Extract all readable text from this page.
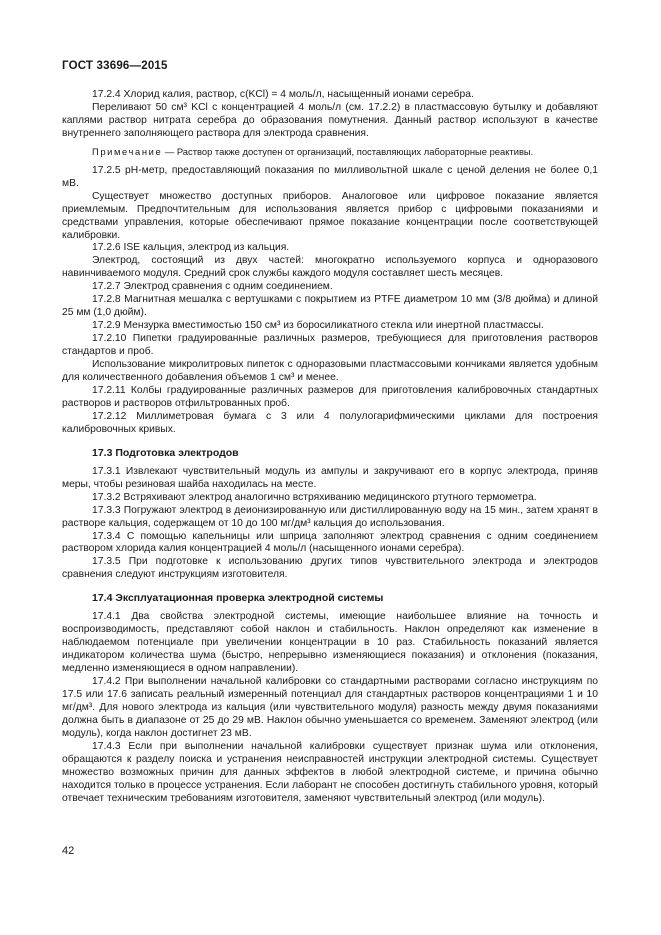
ГОСТ 33696—2015

17.2.4 Хлорид калия, раствор, c(KCl) = 4 моль/л, насыщенный ионами серебра.

Переливают 50 см³ KCl с концентрацией 4 моль/л (см. 17.2.2) в пластмассовую бутылку и добавляют каплями раствор нитрата серебра до образования помутнения. Данный раствор используют в качестве внутреннего заполняющего раствора для электрода сравнения.

Примечание — Раствор также доступен от организаций, поставляющих лабораторные реактивы.

17.2.5 pH-метр, предоставляющий показания по милливольтной шкале с ценой деления не более 0,1 мВ.

Существует множество доступных приборов. Аналоговое или цифровое показание является приемлемым. Предпочтительным для использования является прибор с цифровыми показаниями и средствами управления, которые обеспечивают прямое показание концентрации после соответствующей калибровки.

17.2.6 ISE кальция, электрод из кальция.

Электрод, состоящий из двух частей: многократно используемого корпуса и одноразового навинчиваемого модуля. Средний срок службы каждого модуля составляет шесть месяцев.

17.2.7 Электрод сравнения с одним соединением.

17.2.8 Магнитная мешалка с вертушками с покрытием из PTFE диаметром 10 мм (3/8 дюйма) и длиной 25 мм (1,0 дюйм).

17.2.9 Мензурка вместимостью 150 см³ из боросиликатного стекла или инертной пластмассы.

17.2.10 Пипетки градуированные различных размеров, требующиеся для приготовления растворов стандартов и проб.

Использование микролитровых пипеток с одноразовыми пластмассовыми кончиками является удобным для количественного добавления объемов 1 см³ и менее.

17.2.11 Колбы градуированные различных размеров для приготовления калибровочных стандартных растворов и растворов отфильтрованных проб.

17.2.12 Миллиметровая бумага с 3 или 4 полулогарифмическими циклами для построения калибровочных кривых.

17.3 Подготовка электродов

17.3.1 Извлекают чувствительный модуль из ампулы и закручивают его в корпус электрода, приняв меры, чтобы резиновая шайба находилась на месте.

17.3.2 Встряхивают электрод аналогично встряхиванию медицинского ртутного термометра.

17.3.3 Погружают электрод в деионизированную или дистиллированную воду на 15 мин., затем хранят в растворе кальция, содержащем от 10 до 100 мг/дм³ кальция до использования.

17.3.4 С помощью капельницы или шприца заполняют электрод сравнения с одним соединением раствором хлорида калия концентрацией 4 моль/л (насыщенного ионами серебра).

17.3.5 При подготовке к использованию других типов чувствительного электрода и электродов сравнения следуют инструкциям изготовителя.

17.4 Эксплуатационная проверка электродной системы

17.4.1 Два свойства электродной системы, имеющие наибольшее влияние на точность и воспроизводимость, представляют собой наклон и стабильность. Наклон определяют как изменение в наблюдаемом потенциале при увеличении концентрации в 10 раз. Стабильность показаний является индикатором количества шума (быстро, непрерывно изменяющиеся показания) и отклонения (показания, медленно изменяющиеся в одном направлении).

17.4.2 При выполнении начальной калибровки со стандартными растворами согласно инструкциям по 17.5 или 17.6 записать реальный измеренный потенциал для стандартных растворов концентрациями 1 и 10 мг/дм³. Для нового электрода из кальция (или чувствительного модуля) разность между двумя показаниями должна быть в диапазоне от 25 до 29 мВ. Наклон обычно уменьшается со временем. Заменяют электрод (или модуль), когда наклон достигнет 23 мВ.

17.4.3 Если при выполнении начальной калибровки существует признак шума или отклонения, обращаются к разделу поиска и устранения неисправностей инструкции электродной системы. Существует множество возможных причин для данных эффектов в любой электродной системе, и причина обычно находится только в процессе устранения. Если лаборант не способен достигнуть стабильного уровня, который отвечает техническим требованиям изготовителя, заменяют чувствительный электрод (или модуль).

42
